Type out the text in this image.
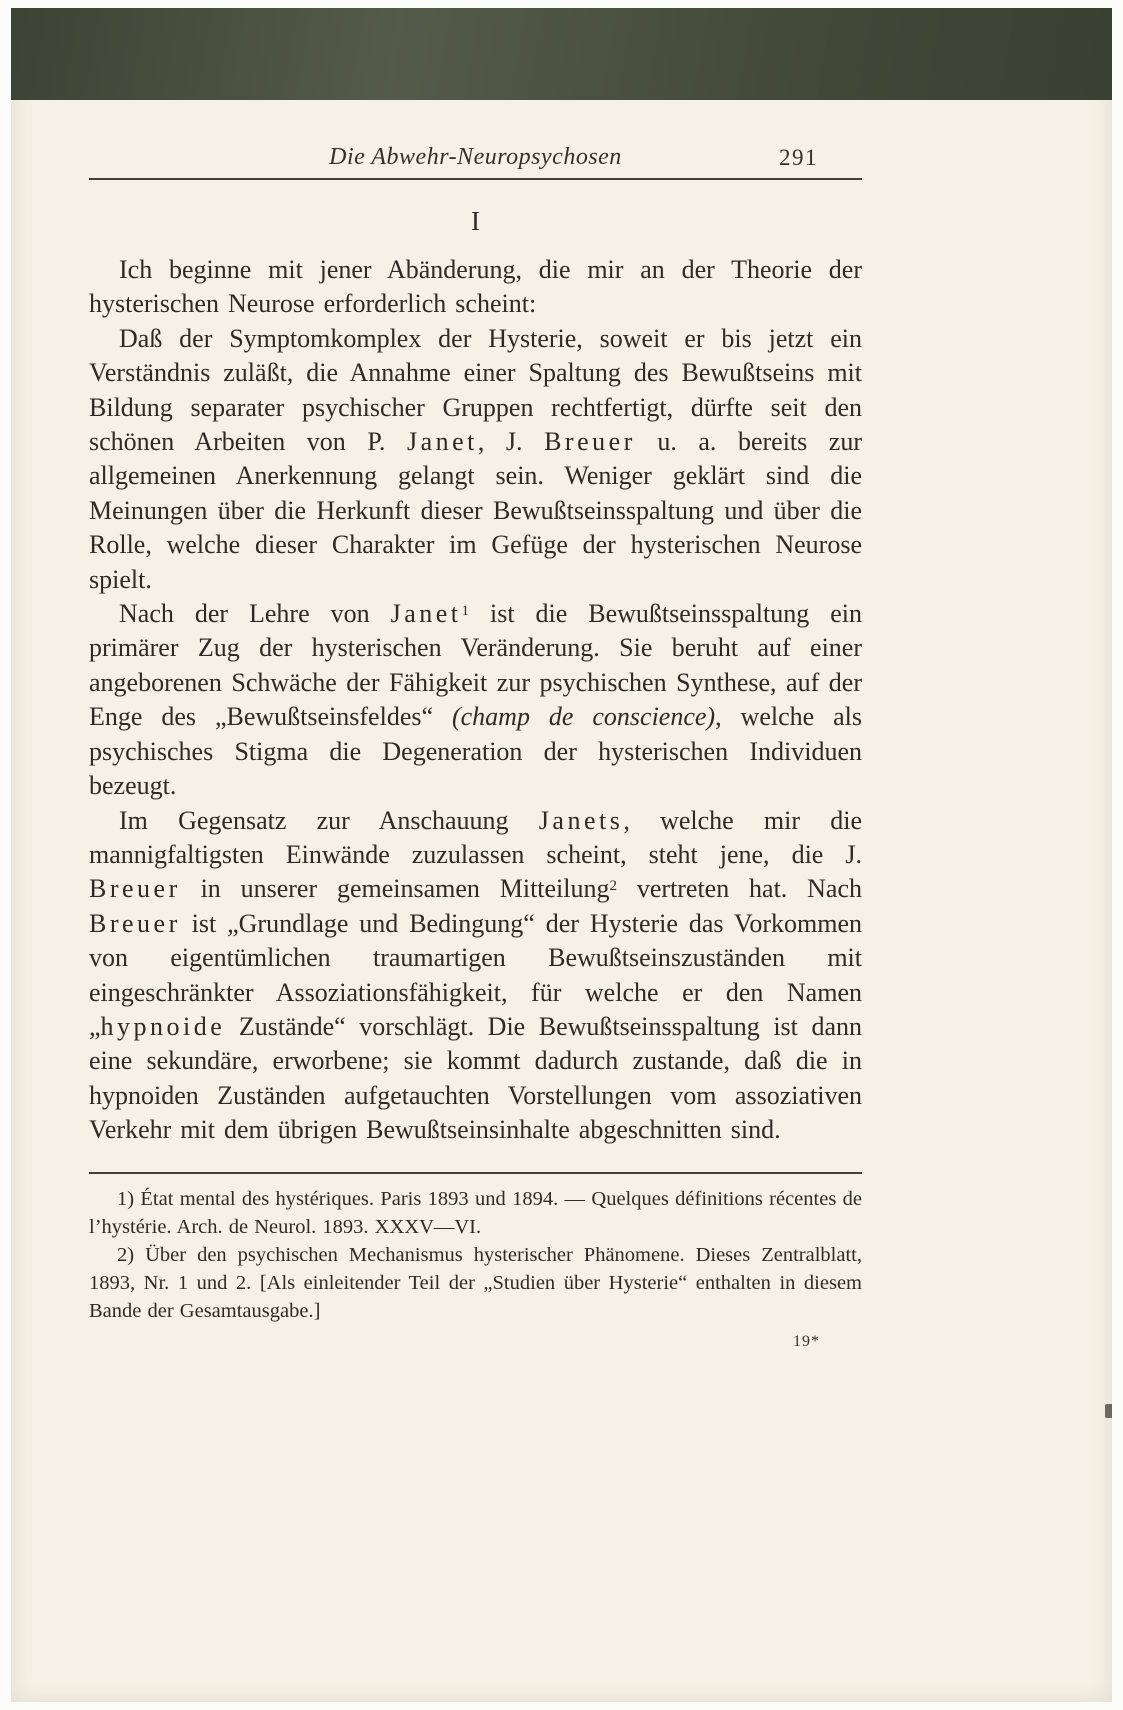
Die Abwehr-Neuropsychosen	291
I

Ich beginne mit jener Abänderung, die mir an der Theorie der hysterischen Neurose erforderlich scheint:

Daß der Symptomkomplex der Hysterie, soweit er bis jetzt ein Verständnis zuläßt, die Annahme einer Spaltung des Bewußtseins mit Bildung separater psychischer Gruppen rechtfertigt, dürfte seit den schönen Arbeiten von P. Janet, J. Breuer u. a. bereits zur allgemeinen Anerkennung gelangt sein. Weniger geklärt sind die Meinungen über die Herkunft dieser Bewußtseinsspaltung und über die Rolle, welche dieser Charakter im Gefüge der hysterischen Neurose spielt.

Nach der Lehre von Janet$^1$ ist die Bewußtseinsspaltung ein primärer Zug der hysterischen Veränderung. Sie beruht auf einer angeborenen Schwäche der Fähigkeit zur psychischen Synthese, auf der Enge des „Bewußtseinsfeldes“ (champ de conscience), welche als psychisches Stigma die Degeneration der hysterischen Individuen bezeugt.

Im Gegensatz zur Anschauung Janets, welche mir die mannigfaltigsten Einwände zuzulassen scheint, steht jene, die J. Breuer in unserer gemeinsamen Mitteilung$^2$ vertreten hat. Nach Breuer ist „Grundlage und Bedingung“ der Hysterie das Vorkommen von eigentümlichen traumartigen Bewußtseinszuständen mit eingeschränkter Assoziationsfähigkeit, für welche er den Namen „hypnoide Zustände“ vorschlägt. Die Bewußtseinsspaltung ist dann eine sekundäre, erworbene; sie kommt dadurch zustande, daß die in hypnoiden Zuständen aufgetauchten Vorstellungen vom assoziativen Verkehr mit dem übrigen Bewußtseinsinhalte abgeschnitten sind.

1) État mental des hystériques. Paris 1893 und 1894. — Quelques définitions récentes de l’hystérie. Arch. de Neurol. 1893. XXXV—VI.

2) Über den psychischen Mechanismus hysterischer Phänomene. Dieses Zentralblatt, 1893, Nr. 1 und 2. [Als einleitender Teil der „Studien über Hysterie“ enthalten in diesem Bande der Gesamtausgabe.]

19*
